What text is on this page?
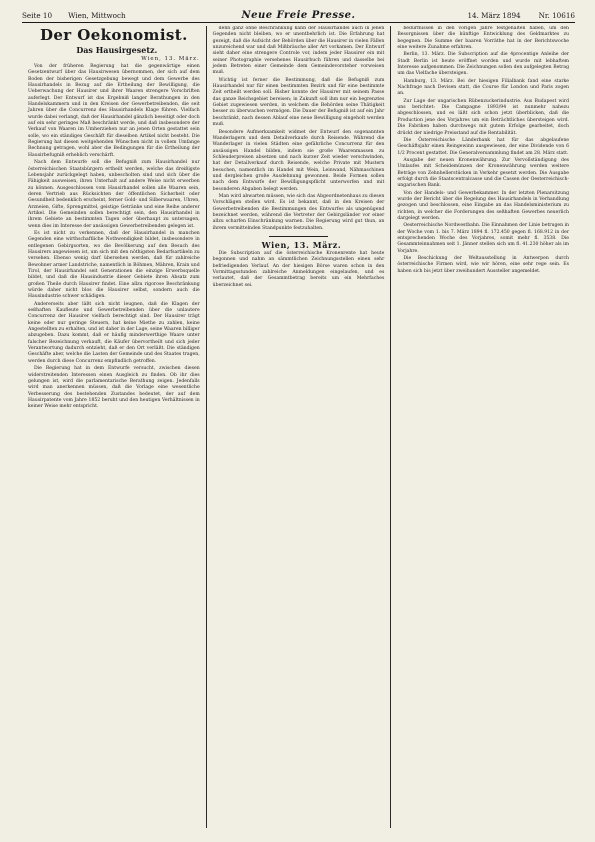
Seite 10 Wien, Mittwoch	Neue Freie Presse.	14. März 1894	Nr. 10616

Der Oekonomist.

Das Hausirgesetz.

Wien, 13. März.

Von der früheren Regierung hat die gegenwärtige einen Gesetzentwurf über das Hausirwesen übernommen, der sich auf dem Boden der bisherigen Gesetzgebung bewegt und dem Gewerbe des Hausirhandels in Bezug auf die Ertheilung der Bewilligung, die Ueberwachung der Hausirer und ihrer Waaren strengere Vorschriften auferlegt. Der Entwurf ist das Ergebniß langer Berathungen in den Handelskammern und in den Kreisen der Gewerbetreibenden, die seit Jahren über die Concurrenz des Hausirhandels Klage führen. Vielfach wurde dabei verlangt, daß der Hausirhandel gänzlich beseitigt oder doch auf ein sehr geringes Maß beschränkt werde, und daß insbesondere der Verkauf von Waaren im Umherziehen nur an jenen Orten gestattet sein solle, wo ein ständiges Geschäft für dieselben Artikel nicht besteht. Die Regierung hat diesen weitgehenden Wünschen nicht in vollem Umfange Rechnung getragen, wohl aber die Bedingungen für die Ertheilung der Hausirbefugniß erheblich verschärft.

Nach dem Entwurfe soll die Befugniß zum Hausirhandel nur österreichischen Staatsbürgern ertheilt werden, welche das dreißigste Lebensjahr zurückgelegt haben, unbescholten sind und sich über die Fähigkeit ausweisen, ihren Unterhalt auf andere Weise nicht erwerben zu können. Ausgeschlossen vom Hausirhandel sollen alle Waaren sein, deren Vertrieb aus Rücksichten der öffentlichen Sicherheit oder Gesundheit bedenklich erscheint, ferner Gold- und Silberwaaren, Uhren, Arzneien, Gifte, Sprengmittel, geistige Getränke und eine Reihe anderer Artikel. Die Gemeinden sollen berechtigt sein, den Hausirhandel in ihrem Gebiete an bestimmten Tagen oder überhaupt zu untersagen, wenn dies im Interesse der ansässigen Gewerbetreibenden gelegen ist.

Es ist nicht zu verkennen, daß der Hausirhandel in manchen Gegenden eine wirthschaftliche Nothwendigkeit bildet, insbesondere in entlegenen Gebirgsorten, wo die Bevölkerung auf den Besuch des Hausirers angewiesen ist, um sich mit den nöthigsten Bedarfsartikeln zu versehen. Ebenso wenig darf übersehen werden, daß für zahlreiche Bewohner armer Landstriche, namentlich in Böhmen, Mähren, Krain und Tirol, der Hausirhandel seit Generationen die einzige Erwerbsquelle bildet, und daß die Hausindustrie dieser Gebiete ihren Absatz zum großen Theile durch Hausirer findet. Eine allzu rigorose Beschränkung würde daher nicht blos die Hausirer selbst, sondern auch die Hausindustrie schwer schädigen.

Andererseits aber läßt sich nicht leugnen, daß die Klagen der seßhaften Kaufleute und Gewerbetreibenden über die unlautere Concurrenz der Hausirer vielfach berechtigt sind. Der Hausirer trägt keine oder nur geringe Steuern, hat keine Miethe zu zahlen, keine Angestellten zu erhalten, und ist daher in der Lage, seine Waaren billiger abzugeben. Dazu kommt, daß er häufig minderwerthige Waare unter falscher Bezeichnung verkauft, die Käufer übervortheilt und sich jeder Verantwortung dadurch entzieht, daß er den Ort verläßt. Die ständigen Geschäfte aber, welche die Lasten der Gemeinde und des Staates tragen, werden durch diese Concurrenz empfindlich getroffen.

Die Regierung hat in dem Entwurfe versucht, zwischen diesen widerstreitenden Interessen einen Ausgleich zu finden. Ob ihr dies gelungen ist, wird die parlamentarische Berathung zeigen. Jedenfalls wird man anerkennen müssen, daß die Vorlage eine wesentliche Verbesserung des bestehenden Zustandes bedeutet, der auf dem Hausirpatente vom Jahre 1852 beruht und den heutigen Verhältnissen in keiner Weise mehr entspricht.

denn ganz ohne Beschränkung kann der Hausirhandel auch in jenen Gegenden nicht bleiben, wo er unentbehrlich ist. Die Erfahrung hat gezeigt, daß die Aufsicht der Behörden über die Hausirer in vielen Fällen unzureichend war und daß Mißbräuche aller Art vorkamen. Der Entwurf sieht daher eine strengere Controle vor, indem jeder Hausirer ein mit seiner Photographie versehenes Hausirbuch führen und dasselbe bei jedem Betreten einer Gemeinde dem Gemeindevorsteher vorweisen muß.

Wichtig ist ferner die Bestimmung, daß die Befugniß zum Hausirhandel nur für einen bestimmten Bezirk und für eine bestimmte Zeit ertheilt werden soll. Bisher konnte der Hausirer mit seinem Passe das ganze Reichsgebiet bereisen; in Zukunft soll ihm nur ein begrenztes Gebiet zugewiesen werden, in welchem die Behörden seine Thätigkeit besser zu überwachen vermögen. Die Dauer der Befugniß ist auf ein Jahr beschränkt, nach dessen Ablauf eine neue Bewilligung eingeholt werden muß.

Besondere Aufmerksamkeit widmet der Entwurf den sogenannten Wanderlagern und dem Detailverkaufe durch Reisende. Während die Wanderlager in vielen Städten eine gefährliche Concurrenz für den ansässigen Handel bilden, indem sie große Waarenmassen zu Schleuderpreisen absetzen und nach kurzer Zeit wieder verschwinden, hat der Detailverkauf durch Reisende, welche Private mit Mustern besuchen, namentlich im Handel mit Wein, Leinwand, Nähmaschinen und dergleichen große Ausdehnung gewonnen. Beide Formen sollen nach dem Entwurfe der Bewilligungspflicht unterworfen und mit besonderen Abgaben belegt werden.

Man wird abwarten müssen, wie sich das Abgeordnetenhaus zu diesen Vorschlägen stellen wird. Es ist bekannt, daß in den Kreisen der Gewerbetreibenden die Bestimmungen des Entwurfes als ungenügend bezeichnet werden, während die Vertreter der Gebirgsländer vor einer allzu scharfen Einschränkung warnen. Die Regierung wird gut thun, an ihrem vermittelnden Standpunkte festzuhalten.

Wien, 13. März.

Die Subscription auf die österreichische Kronenrente hat heute begonnen und nahm an sämmtlichen Zeichnungsstellen einen sehr befriedigenden Verlauf. An der hiesigen Börse waren schon in den Vormittagsstunden zahlreiche Anmeldungen eingelaufen, und es verlautet, daß der Gesammtbetrag bereits um ein Mehrfaches überzeichnet sei.

bedürfnissen in den vorigen Jahre festgehalten haben, um den Besorgnissen über die künftige Entwicklung des Geldmarktes zu begegnen. Die Summe der baaren Vorräthe hat in der Berichtswoche eine weitere Zunahme erfahren.

Berlin, 13. März. Die Subscription auf die 4procentige Anleihe der Stadt Berlin ist heute eröffnet worden und wurde mit lebhaftem Interesse aufgenommen. Die Zeichnungen sollen den aufgelegten Betrag um das Vielfache übersteigen.

Hamburg, 13. März. Bei der hiesigen Filialbank fand eine starke Nachfrage nach Devisen statt, die Course für London und Paris zogen an.

Zur Lage der ungarischen Rübenzuckerindustrie. Aus Budapest wird uns berichtet: Die Campagne 1893/94 ist nunmehr nahezu abgeschlossen, und es läßt sich schon jetzt überblicken, daß die Production jene des Vorjahres um ein Beträchtliches übersteigen wird. Die Fabriken haben durchwegs mit gutem Erfolge gearbeitet, doch drückt der niedrige Preisstand auf die Rentabilität.

Die Österreichische Länderbank hat für das abgelaufene Geschäftsjahr einen Reingewinn ausgewiesen, der eine Dividende von 6 1/2 Procent gestattet. Die Generalversammlung findet am 28. März statt.

Ausgabe der neuen Kronenwährung. Zur Vervollständigung des Umlaufes mit Scheidemünzen der Kronenwährung werden weitere Beträge von Zehnhellerstücken in Verkehr gesetzt werden. Die Ausgabe erfolgt durch die Staatscentralcasse und die Cassen der Oesterreichisch-ungarischen Bank.

Von der Handels- und Gewerbekammer. In der letzten Plenarsitzung wurde der Bericht über die Regelung des Hausirhandels in Verhandlung gezogen und beschlossen, eine Eingabe an das Handelsministerium zu richten, in welcher die Forderungen des seßhaften Gewerbes neuerlich dargelegt werden.

Oesterreichische Nordwestbahn. Die Einnahmen der Linie betrugen in der Woche vom 1. bis 7. März 1894 fl. 172.450 gegen fl. 168.912 in der entsprechenden Woche des Vorjahres, somit mehr fl. 3538. Die Gesammteinnahmen seit 1. Jänner stellen sich um fl. 41.230 höher als im Vorjahre.

Die Beschickung der Weltausstellung in Antwerpen durch österreichische Firmen wird, wie wir hören, eine sehr rege sein. Es haben sich bis jetzt über zweihundert Aussteller angemeldet.
